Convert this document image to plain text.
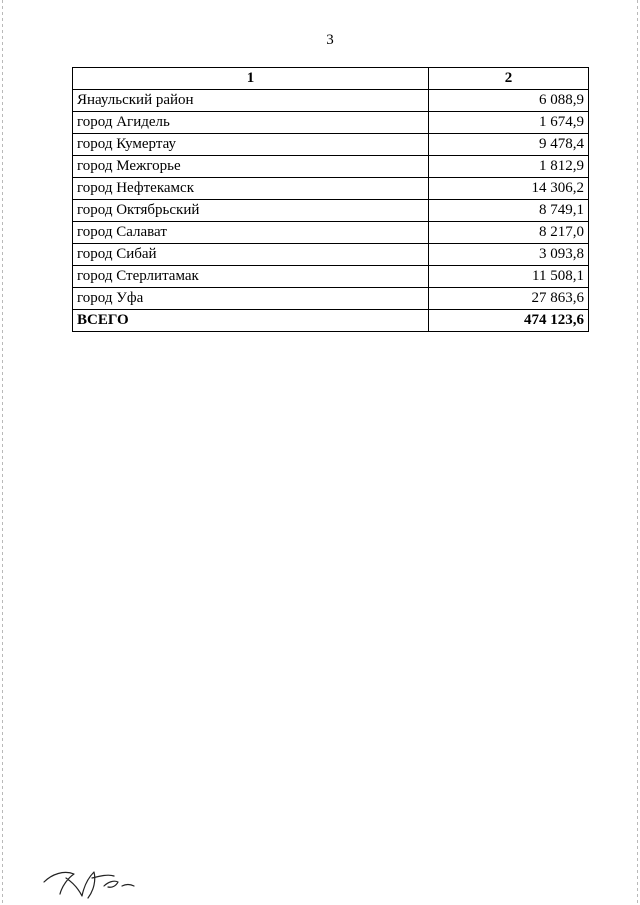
3
1	2
Янаульский район	6 088,9
город Агидель	1 674,9
город Кумертау	9 478,4
город Межгорье	1 812,9
город Нефтекамск	14 306,2
город Октябрьский	8 749,1
город Салават	8 217,0
город Сибай	3 093,8
город Стерлитамак	11 508,1
город Уфа	27 863,6
ВСЕГО	474 123,6
